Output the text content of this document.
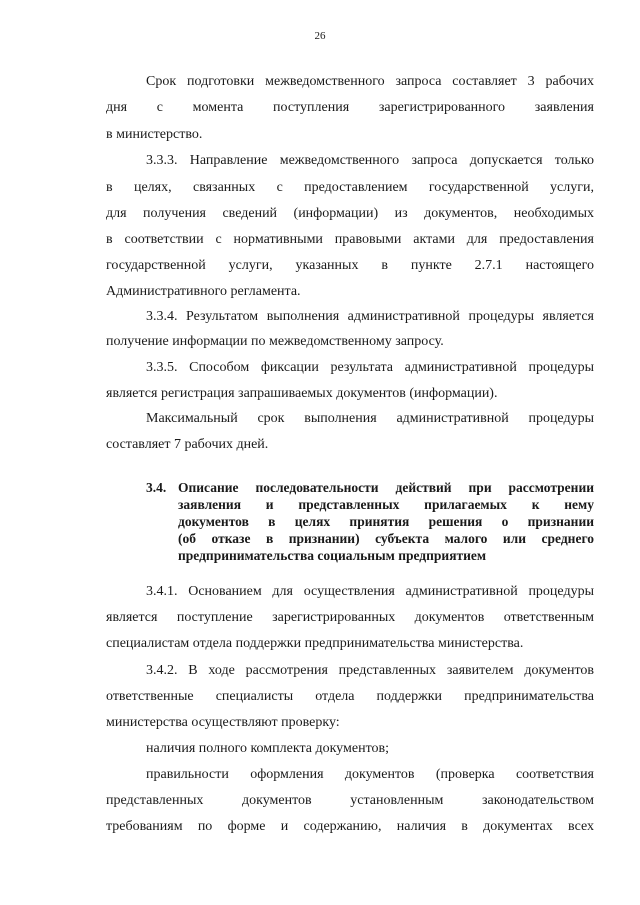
26
Срок подготовки межведомственного запроса составляет 3 рабочих
дня с момента поступления зарегистрированного заявления
в министерство.
3.3.3. Направление межведомственного запроса допускается только
в целях, связанных с предоставлением государственной услуги,
для получения сведений (информации) из документов, необходимых
в соответствии с нормативными правовыми актами для предоставления
государственной услуги, указанных в пункте 2.7.1 настоящего
Административного регламента.
3.3.4. Результатом выполнения административной процедуры является
получение информации по межведомственному запросу.
3.3.5. Способом фиксации результата административной процедуры
является регистрация запрашиваемых документов (информации).
Максимальный срок выполнения административной процедуры
составляет 7 рабочих дней.
3.4. Описание последовательности действий при рассмотрении
заявления и представленных прилагаемых к нему
документов в целях принятия решения о признании
(об отказе в признании) субъекта малого или среднего
предпринимательства социальным предприятием
3.4.1. Основанием для осуществления административной процедуры
является поступление зарегистрированных документов ответственным
специалистам отдела поддержки предпринимательства министерства.
3.4.2. В ходе рассмотрения представленных заявителем документов
ответственные специалисты отдела поддержки предпринимательства
министерства осуществляют проверку:
наличия полного комплекта документов;
правильности оформления документов (проверка соответствия
представленных документов установленным законодательством
требованиям по форме и содержанию, наличия в документах всех
